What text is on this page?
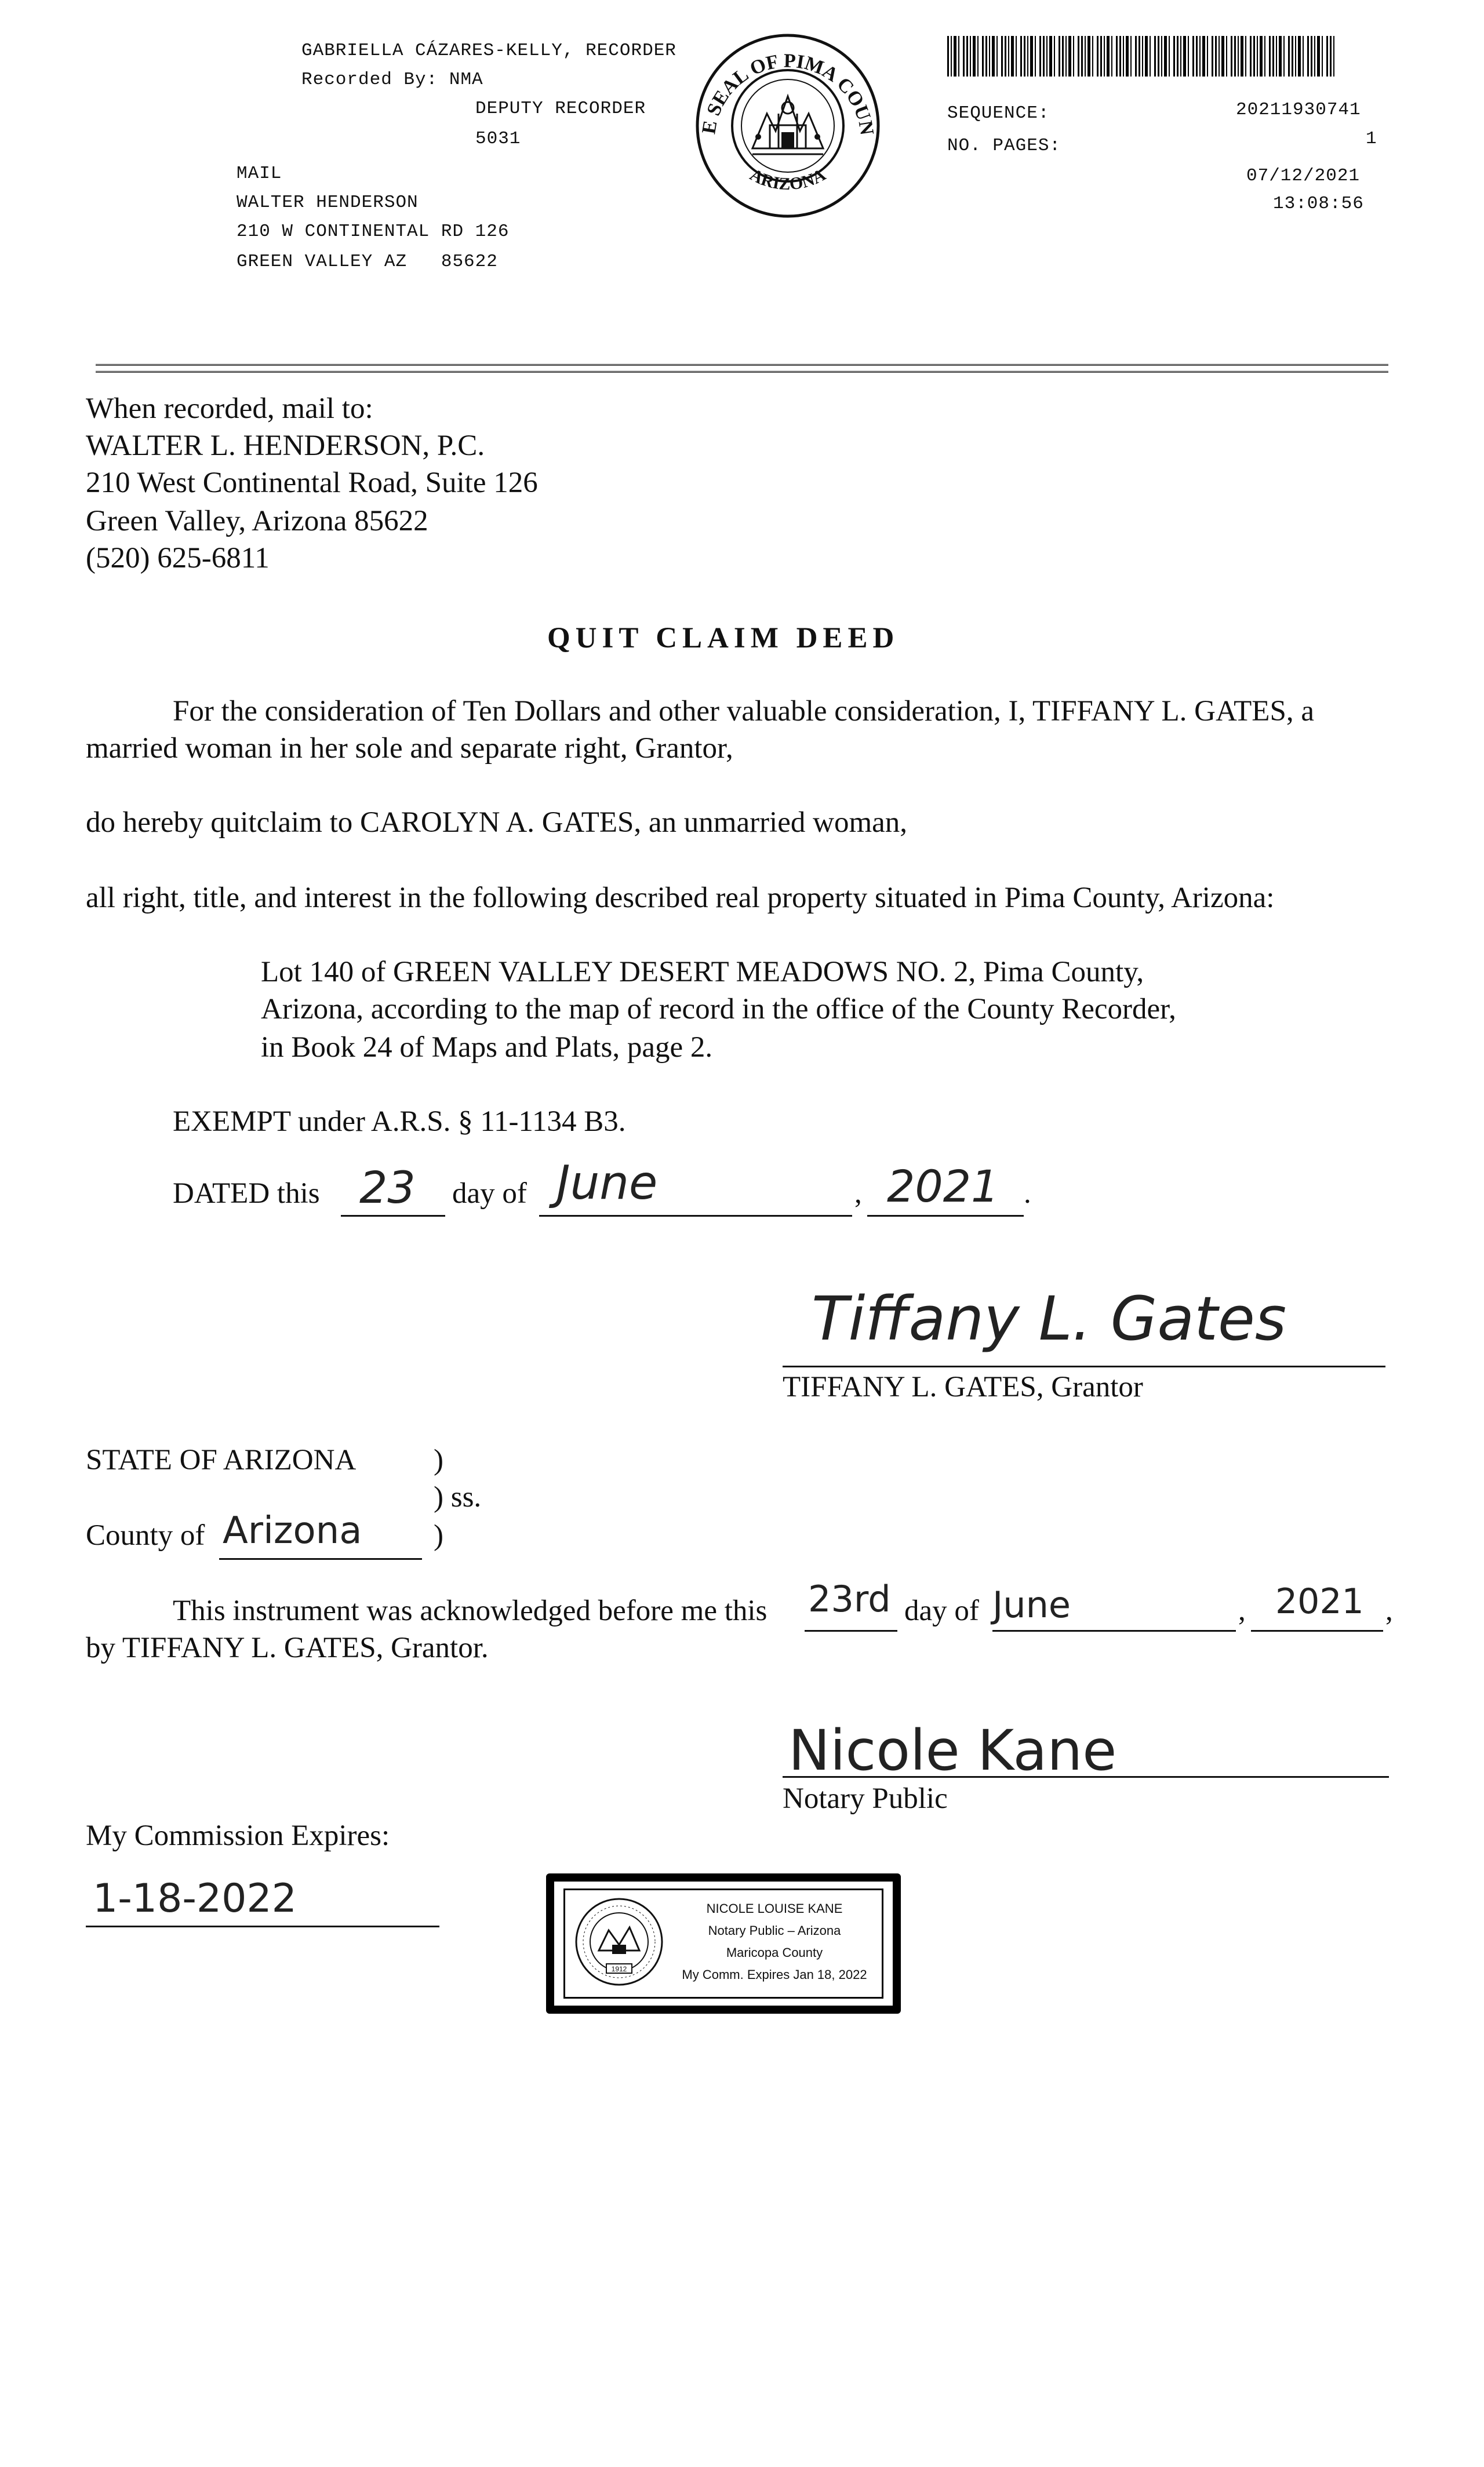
GABRIELLA CÁZARES-KELLY, RECORDER
Recorded By: NMA
DEPUTY RECORDER
5031
MAIL
WALTER HENDERSON
210 W CONTINENTAL RD 126
GREEN VALLEY AZ   85622
E SEAL OF PIMA COUN
ARIZONA
SEQUENCE:	20211930741
NO. PAGES:	1
07/12/2021
13:08:56
When recorded, mail to:
WALTER L. HENDERSON, P.C.
210 West Continental Road, Suite 126
Green Valley, Arizona 85622
(520) 625-6811
QUIT CLAIM DEED
For the consideration of Ten Dollars and other valuable consideration, I, TIFFANY L. GATES, a
married woman in her sole and separate right, Grantor,
do hereby quitclaim to CAROLYN A. GATES, an unmarried woman,
all right, title, and interest in the following described real property situated in Pima County, Arizona:
Lot 140 of GREEN VALLEY DESERT MEADOWS NO. 2, Pima County,
Arizona, according to the map of record in the office of the County Recorder,
in Book 24 of Maps and Plats, page 2.
EXEMPT under A.R.S. § 11-1134 B3.
DATED this 23 day of June	, 2021 .
Tiffany L. Gates
TIFFANY L. GATES, Grantor
STATE OF ARIZONA	)
) ss.
County of Arizona )
This instrument was acknowledged before me this 23rd day of June	, 2021 ,
by TIFFANY L. GATES, Grantor.
Nicole Kane
Notary Public
My Commission Expires:
1-18-2022
1912
NICOLE LOUISE KANE
Notary Public – Arizona
Maricopa County
My Comm. Expires Jan 18, 2022
